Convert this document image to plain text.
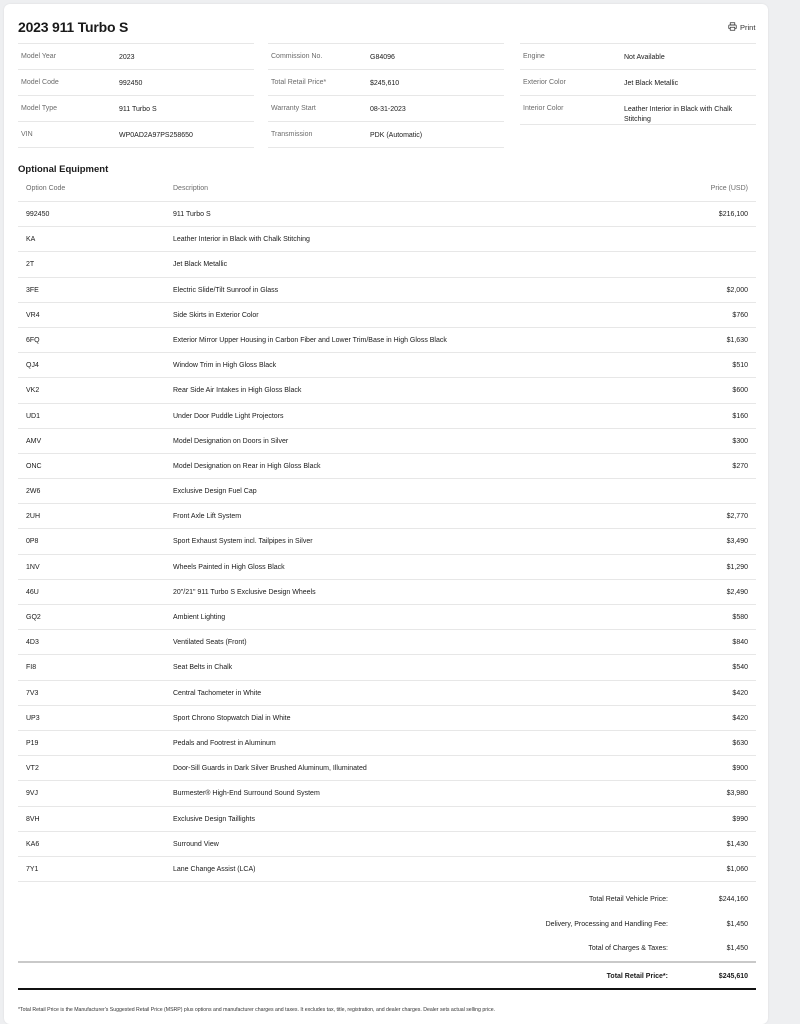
2023 911 Turbo S	Print
Model Year	2023
Model Code	992450
Model Type	911 Turbo S
VIN	WP0AD2A97PS258650
Commission No.	G84096
Total Retail Price*	$245,610
Warranty Start	08-31-2023
Transmission	PDK (Automatic)
Engine	Not Available
Exterior Color	Jet Black Metallic
Interior Color	Leather Interior in Black with Chalk Stitching
Optional Equipment
Option Code	Description	Price (USD)
992450	911 Turbo S	$216,100
KA	Leather Interior in Black with Chalk Stitching
2T	Jet Black Metallic
3FE	Electric Slide/Tilt Sunroof in Glass	$2,000
VR4	Side Skirts in Exterior Color	$760
6FQ	Exterior Mirror Upper Housing in Carbon Fiber and Lower Trim/Base in High Gloss Black	$1,630
QJ4	Window Trim in High Gloss Black	$510
VK2	Rear Side Air Intakes in High Gloss Black	$600
UD1	Under Door Puddle Light Projectors	$160
AMV	Model Designation on Doors in Silver	$300
ONC	Model Designation on Rear in High Gloss Black	$270
2W6	Exclusive Design Fuel Cap
2UH	Front Axle Lift System	$2,770
0P8	Sport Exhaust System incl. Tailpipes in Silver	$3,490
1NV	Wheels Painted in High Gloss Black	$1,290
46U	20"/21" 911 Turbo S Exclusive Design Wheels	$2,490
GQ2	Ambient Lighting	$580
4D3	Ventilated Seats (Front)	$840
FI8	Seat Belts in Chalk	$540
7V3	Central Tachometer in White	$420
UP3	Sport Chrono Stopwatch Dial in White	$420
P19	Pedals and Footrest in Aluminum	$630
VT2	Door-Sill Guards in Dark Silver Brushed Aluminum, Illuminated	$900
9VJ	Burmester® High-End Surround Sound System	$3,980
8VH	Exclusive Design Taillights	$990
KA6	Surround View	$1,430
7Y1	Lane Change Assist (LCA)	$1,060
Total Retail Vehicle Price:	$244,160
Delivery, Processing and Handling Fee:	$1,450
Total of Charges & Taxes:	$1,450
Total Retail Price*:	$245,610
*Total Retail Price is the Manufacturer's Suggested Retail Price (MSRP) plus options and manufacturer charges and taxes. It excludes tax, title, registration, and dealer charges. Dealer sets actual selling price.
